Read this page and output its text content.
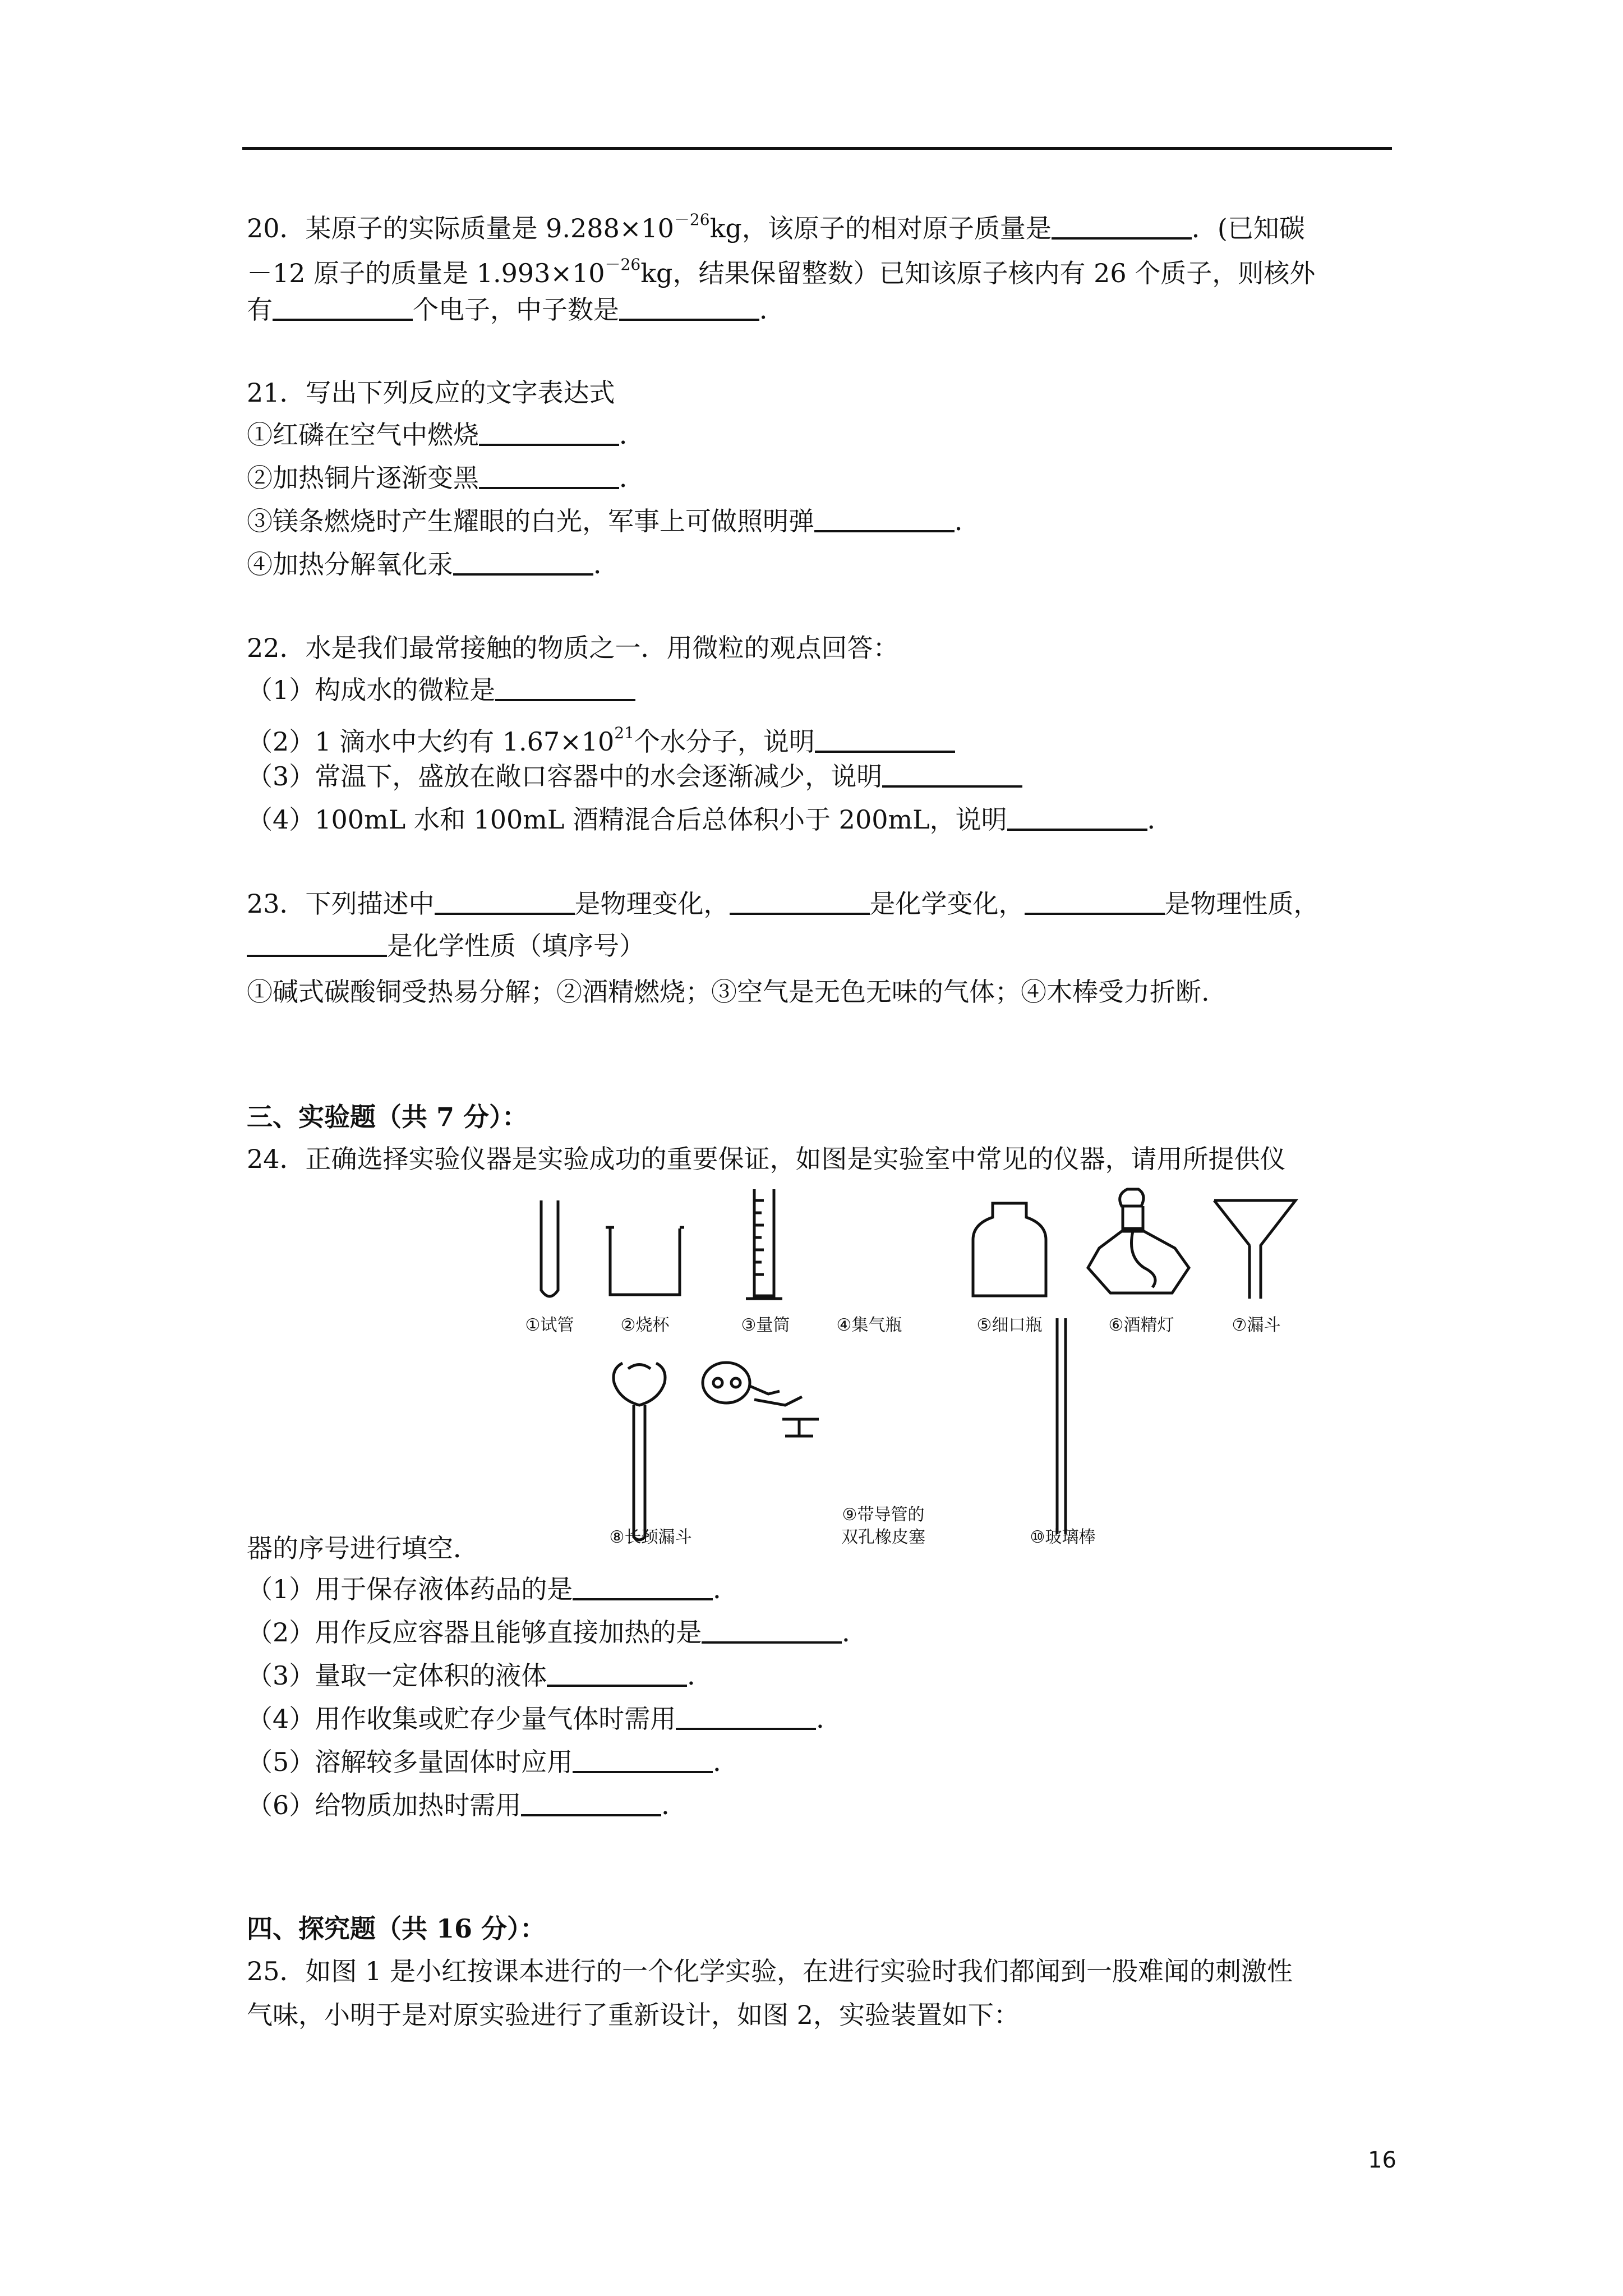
20．某原子的实际质量是 $9.288\times 10^{-26}kg$，该原子的相对原子质量是	．(已知碳
－12 原子的质量是 $1.993\times 10^{-26}kg$，结果保留整数）已知该原子核内有 26 个质子，则核外
有	个电子，中子数是	．
21．写出下列反应的文字表达式
①红磷在空气中燃烧	．
②加热铜片逐渐变黑	．
③镁条燃烧时产生耀眼的白光，军事上可做照明弹	．
④加热分解氧化汞	．
22．水是我们最常接触的物质之一．用微粒的观点回答：
（1）构成水的微粒是
（2）1 滴水中大约有 $1.67\times 10^{21}$个水分子，说明
（3）常温下，盛放在敞口容器中的水会逐渐减少，说明
（4）100mL 水和 100mL 酒精混合后总体积小于 200mL，说明	．
23．下列描述中	是物理变化，	是化学变化，	是物理性质，
是化学性质（填序号）
①碱式碳酸铜受热易分解；②酒精燃烧；③空气是无色无味的气体；④木棒受力折断.
三、实验题（共 7 分）：
24．正确选择实验仪器是实验成功的重要保证，如图是实验室中常见的仪器，请用所提供仪
①试管	②烧杯	③量筒	④集气瓶	⑤细口瓶	⑥酒精灯	⑦漏斗
⑧长颈漏斗
⑨带导管的
双孔橡皮塞	⑩玻璃棒
器的序号进行填空．
（1）用于保存液体药品的是	．
（2）用作反应容器且能够直接加热的是	．
（3）量取一定体积的液体	．
（4）用作收集或贮存少量气体时需用	．
（5）溶解较多量固体时应用	．
（6）给物质加热时需用	．
四、探究题（共 16 分）：
25．如图 1 是小红按课本进行的一个化学实验，在进行实验时我们都闻到一股难闻的刺激性
气味，小明于是对原实验进行了重新设计，如图 2，实验装置如下：
16
